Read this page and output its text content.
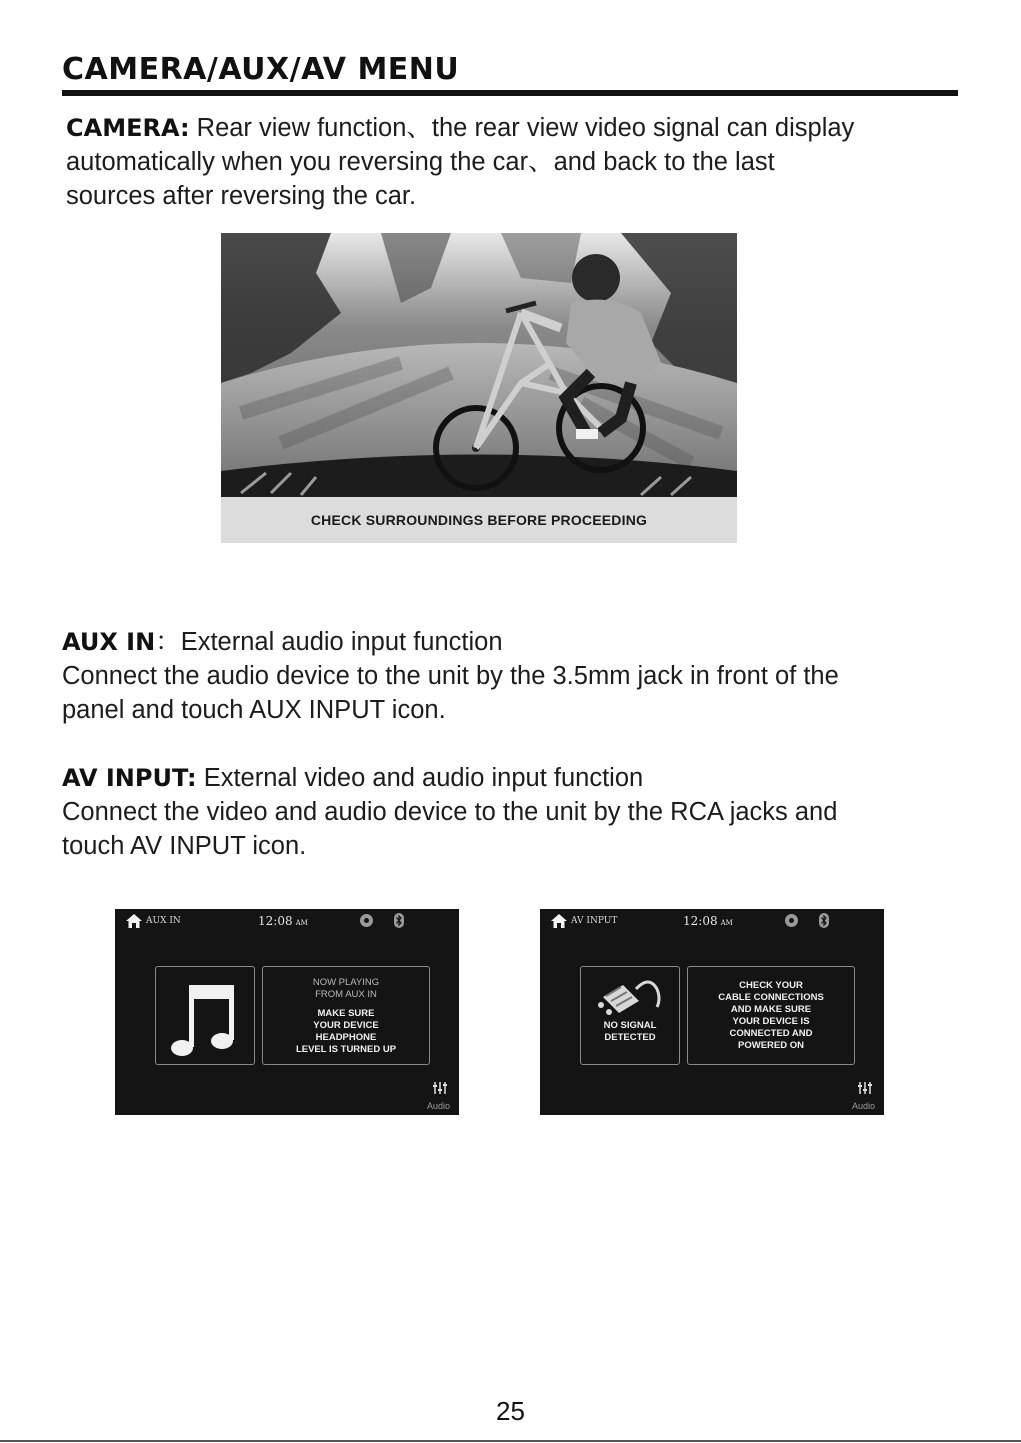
CAMERA/AUX/AV MENU
CAMERA: Rear view function、the rear view video signal can display
automatically when you reversing the car、and back to the last
sources after reversing the car.
CHECK SURROUNDINGS BEFORE PROCEEDING
AUX IN：External audio input function
Connect the audio device to the unit by the 3.5mm jack in front of the
panel and touch AUX INPUT icon.
AV INPUT: External video and audio input function
Connect the video and audio device to the unit by the RCA jacks and
touch AV INPUT icon.
AUX IN	12:08 AM
NOW PLAYING
FROM AUX IN
MAKE SURE
YOUR DEVICE
HEADPHONE
LEVEL IS TURNED UP
Audio
AV INPUT	12:08 AM
NO SIGNAL
DETECTED
CHECK YOUR
CABLE CONNECTIONS
AND MAKE SURE
YOUR DEVICE IS
CONNECTED AND
POWERED ON
Audio
25
